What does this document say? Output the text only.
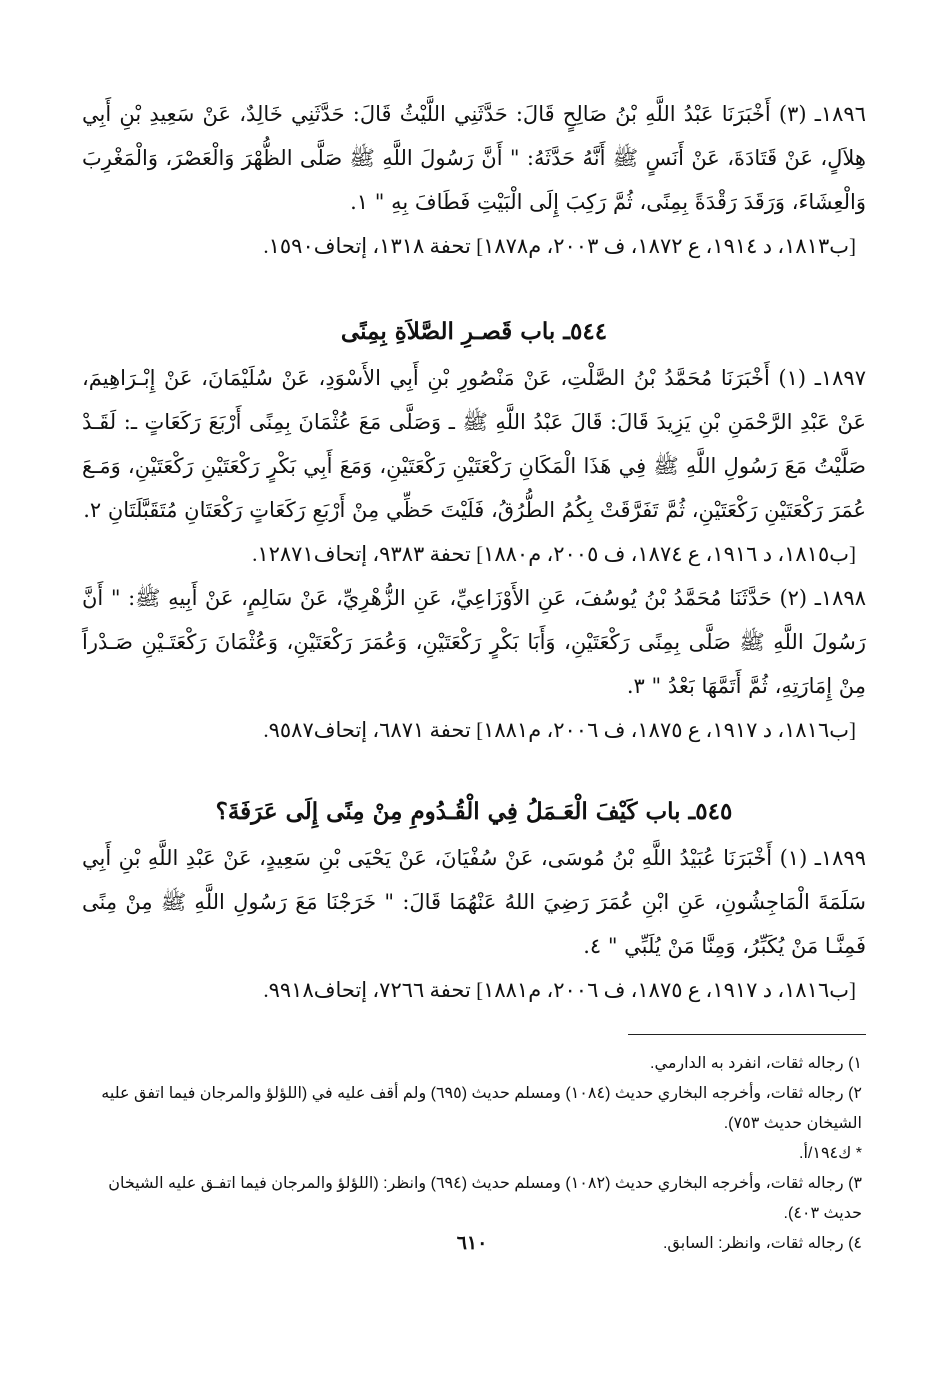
١٨٩٦ـ (٣) أَخْبَرَنَا عَبْدُ اللَّهِ بْنُ صَالِحٍ قَالَ: حَدَّثَنِي اللَّيْثُ قَالَ: حَدَّثَنِي خَالِدٌ، عَنْ سَعِيدِ بْنِ أَبِي هِلاَلٍ، عَنْ قَتَادَةَ، عَنْ أَنَسٍ ﷺ أَنَّهُ حَدَّثَهُ: " أَنَّ رَسُولَ اللَّهِ ﷺ صَلَّى الظُّهْرَ وَالْعَصْرَ، وَالْمَغْرِبَ وَالْعِشَاءَ، وَرَقَدَ رَقْدَةً بِمِنًى، ثُمَّ رَكِبَ إِلَى الْبَيْتِ فَطَافَ بِهِ " ١.

[ب١٨١٣، د ١٩١٤، ع ١٨٧٢، ف ٢٠٠٣، م١٨٧٨] تحفة ١٣١٨، إتحاف١٥٩٠.

٥٤٤ـ باب قَصـرِ الصَّلاَةِ بِمِنًى

١٨٩٧ـ (١) أَخْبَرَنَا مُحَمَّدُ بْنُ الصَّلْتِ، عَنْ مَنْصُورِ بْنِ أَبِي الأَسْوَدِ، عَنْ سُلَيْمَانَ، عَنْ إِبْـرَاهِيمَ، عَنْ عَبْدِ الرَّحْمَنِ بْنِ يَزِيدَ قَالَ: قَالَ عَبْدُ اللَّهِ ﷺ ـ وَصَلَّى مَعَ عُثْمَانَ بِمِنًى أَرْبَعَ رَكَعَاتٍ ـ: لَقَـدْ صَلَّيْتُ مَعَ رَسُولِ اللَّهِ ﷺ فِي هَذَا الْمَكَانِ رَكْعَتَيْنِ رَكْعَتَيْنِ، وَمَعَ أَبِي بَكْرٍ رَكْعَتَيْنِ رَكْعَتَيْنِ، وَمَـعَ عُمَرَ رَكْعَتَيْنِ رَكْعَتَيْنِ، ثُمَّ تَفَرَّقَتْ بِكُمُ الطُّرُقُ، فَلَيْتَ حَظِّي مِنْ أَرْبَعِ رَكَعَاتٍ رَكْعَتَانِ مُتَقَبَّلَتَانِ ٢.

[ب١٨١٥، د ١٩١٦، ع ١٨٧٤، ف ٢٠٠٥، م١٨٨٠] تحفة ٩٣٨٣، إتحاف١٢٨٧١.

١٨٩٨ـ (٢) حَدَّثَنَا مُحَمَّدُ بْنُ يُوسُفَ، عَنِ الأَوْزَاعِيِّ، عَنِ الزُّهْرِيِّ، عَنْ سَالِمٍ، عَنْ أَبِيهِ ﷺ: " أَنَّ رَسُولَ اللَّهِ ﷺ صَلَّى بِمِنًى رَكْعَتَيْنِ، وَأَبَا بَكْرٍ رَكْعَتَيْنِ، وَعُمَرَ رَكْعَتَيْنِ، وَعُثْمَانَ رَكْعَتَـيْنِ صَـدْراً مِنْ إِمَارَتِهِ، ثُمَّ أَتَمَّهَا بَعْدُ " ٣.

[ب١٨١٦، د ١٩١٧، ع ١٨٧٥، ف ٢٠٠٦، م١٨٨١] تحفة ٦٨٧١، إتحاف٩٥٨٧.

٥٤٥ـ باب كَيْفَ الْعَـمَلُ فِي الْقُـدُومِ مِنْ مِنًى إِلَى عَرَفَةَ؟

١٨٩٩ـ (١) أَخْبَرَنَا عُبَيْدُ اللَّهِ بْنُ مُوسَى، عَنْ سُفْيَانَ، عَنْ يَحْيَى بْنِ سَعِيدٍ، عَنْ عَبْدِ اللَّهِ بْنِ أَبِي سَلَمَةَ الْمَاجِشُونِ، عَنِ ابْنِ عُمَرَ رَضِيَ اللهُ عَنْهُمَا قَالَ: " خَرَجْنَا مَعَ رَسُولِ اللَّهِ ﷺ مِنْ مِنًى فَمِنَّـا مَنْ يُكَبِّرُ، وَمِنَّا مَنْ يُلَبِّي " ٤.

[ب١٨١٦، د ١٩١٧، ع ١٨٧٥، ف ٢٠٠٦، م١٨٨١] تحفة ٧٢٦٦، إتحاف٩٩١٨.

١) رجاله ثقات، انفرد به الدارمي.

٢) رجاله ثقات، وأخرجه البخاري حديث (١٠٨٤) ومسلم حديث (٦٩٥) ولم أقف عليه في (اللؤلؤ والمرجان فيما اتفق عليه الشيخان حديث ٧٥٣).

* ك١٩٤/أ.

٣) رجاله ثقات، وأخرجه البخاري حديث (١٠٨٢) ومسلم حديث (٦٩٤) وانظر: (اللؤلؤ والمرجان فيما اتفـق عليه الشيخان حديث ٤٠٣).

٤) رجاله ثقات، وانظر: السابق.

٦١٠
